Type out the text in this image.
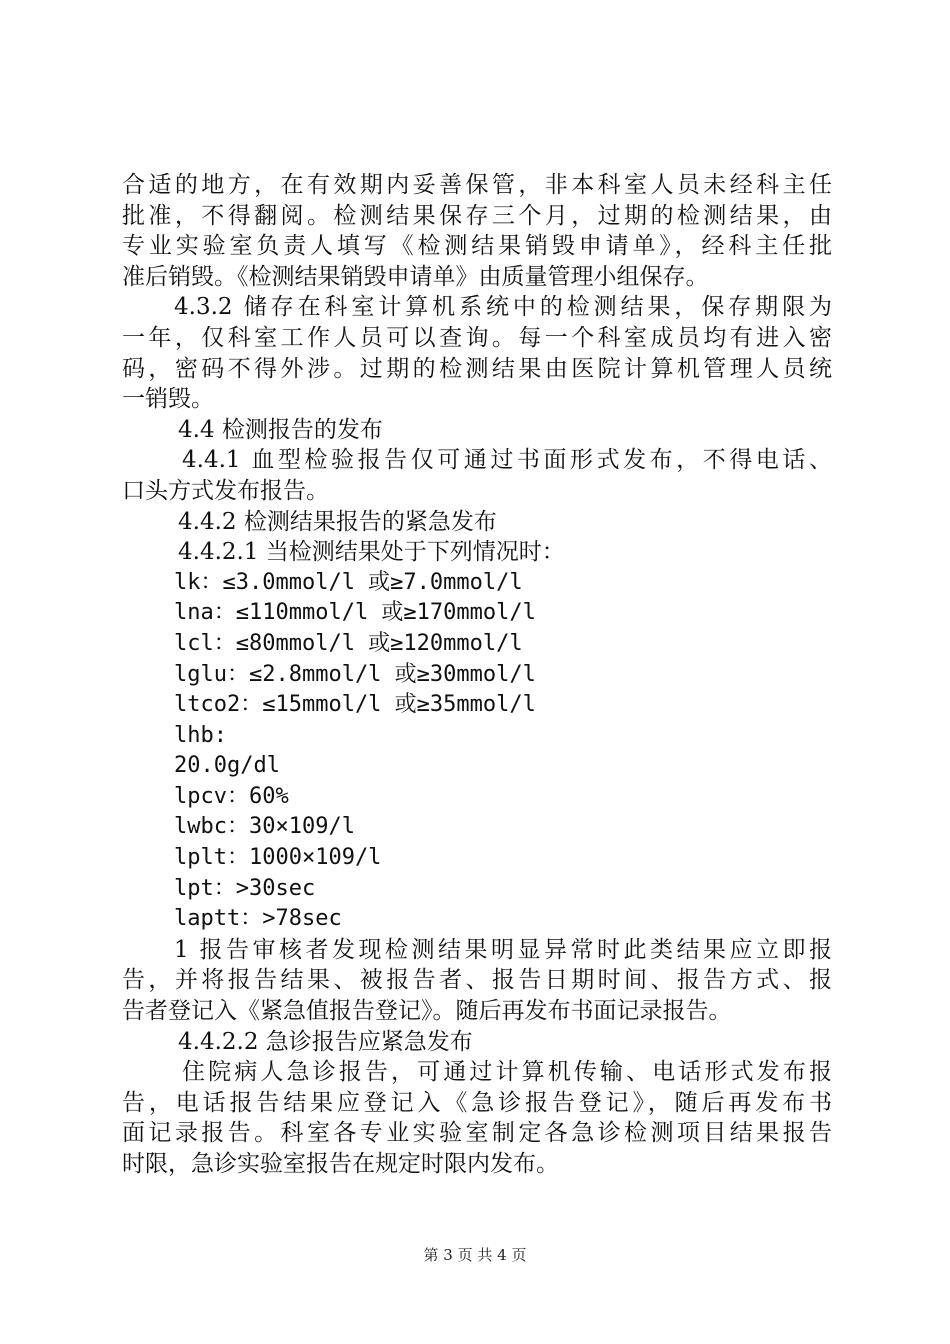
合适的地方，在有效期内妥善保管，非本科室人员未经科主任
批准，不得翻阅。检测结果保存三个月，过期的检测结果，由
专业实验室负责人填写《检测结果销毁申请单》，经科主任批
准后销毁。《检测结果销毁申请单》由质量管理小组保存。
4.3.2 储存在科室计算机系统中的检测结果，保存期限为
一年，仅科室工作人员可以查询。每一个科室成员均有进入密
码，密码不得外涉。过期的检测结果由医院计算机管理人员统
一销毁。
4.4 检测报告的发布
4.4.1 血型检验报告仅可通过书面形式发布，不得电话、
口头方式发布报告。
4.4.2 检测结果报告的紧急发布
4.4.2.1 当检测结果处于下列情况时：
lk：≤3.0mmol/l 或≥7.0mmol/l
lna：≤110mmol/l 或≥170mmol/l
lcl：≤80mmol/l 或≥120mmol/l
lglu：≤2.8mmol/l 或≥30mmol/l
ltco2：≤15mmol/l 或≥35mmol/l
lhb:
20.0g/dl
lpcv：60%
lwbc：30×109/l
lplt：1000×109/l
lpt：>30sec
laptt：>78sec
1 报告审核者发现检测结果明显异常时此类结果应立即报
告，并将报告结果、被报告者、报告日期时间、报告方式、报
告者登记入《紧急值报告登记》。随后再发布书面记录报告。
4.4.2.2 急诊报告应紧急发布
住院病人急诊报告，可通过计算机传输、电话形式发布报
告，电话报告结果应登记入《急诊报告登记》，随后再发布书
面记录报告。科室各专业实验室制定各急诊检测项目结果报告
时限，急诊实验室报告在规定时限内发布。
第 3 页 共 4 页
